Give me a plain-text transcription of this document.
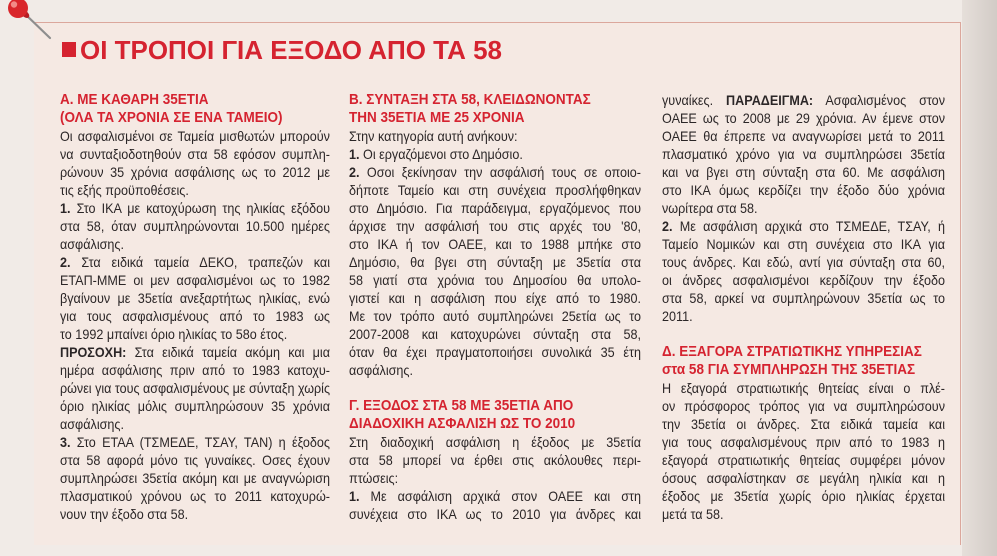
ΟΙ ΤΡΟΠΟΙ ΓΙΑ ΕΞΟΔΟ ΑΠΟ ΤΑ 58
Α. ΜΕ ΚΑΘΑΡΗ 35ΕΤΙΑ
(ΟΛΑ ΤΑ ΧΡΟΝΙΑ ΣΕ ΕΝΑ ΤΑΜΕΙΟ)
Οι ασφαλισμένοι σε Ταμεία μισθωτών μπορούν
να συνταξιοδοτηθούν στα 58 εφόσον συμπλη-
ρώνουν 35 χρόνια ασφάλισης ως το 2012 με
τις εξής προϋποθέσεις.
1. Στο ΙΚΑ με κατοχύρωση της ηλικίας εξόδου
στα 58, όταν συμπληρώνονται 10.500 ημέρες
ασφάλισης.
2. Στα ειδικά ταμεία ΔΕΚΟ, τραπεζών και
ΕΤΑΠ-ΜΜΕ οι μεν ασφαλισμένοι ως το 1982
βγαίνουν με 35ετία ανεξαρτήτως ηλικίας, ενώ
για τους ασφαλισμένους από το 1983 ως
το 1992 μπαίνει όριο ηλικίας το 58ο έτος.
ΠΡΟΣΟΧΗ: Στα ειδικά ταμεία ακόμη και μια
ημέρα ασφάλισης πριν από το 1983 κατοχυ-
ρώνει για τους ασφαλισμένους με σύνταξη χωρίς
όριο ηλικίας μόλις συμπληρώσουν 35 χρόνια
ασφάλισης.
3. Στο ΕΤΑΑ (ΤΣΜΕΔΕ, ΤΣΑΥ, ΤΑΝ) η έξοδος
στα 58 αφορά μόνο τις γυναίκες. Οσες έχουν
συμπληρώσει 35ετία ακόμη και με αναγνώριση
πλασματικού χρόνου ως το 2011 κατοχυρώ-
νουν την έξοδο στα 58.
Β. ΣΥΝΤΑΞΗ ΣΤΑ 58, ΚΛΕΙΔΩΝΟΝΤΑΣ
ΤΗΝ 35ΕΤΙΑ ΜΕ 25 ΧΡΟΝΙΑ
Στην κατηγορία αυτή ανήκουν:
1. Οι εργαζόμενοι στο Δημόσιο.
2. Οσοι ξεκίνησαν την ασφάλισή τους σε οποιο-
δήποτε Ταμείο και στη συνέχεια προσλήφθηκαν
στο Δημόσιο. Για παράδειγμα, εργαζόμενος που
άρχισε την ασφάλισή του στις αρχές του '80,
στο ΙΚΑ ή τον ΟΑΕΕ, και το 1988 μπήκε στο
Δημόσιο, θα βγει στη σύνταξη με 35ετία στα
58 γιατί στα χρόνια του Δημοσίου θα υπολο-
γιστεί και η ασφάλιση που είχε από το 1980.
Με τον τρόπο αυτό συμπληρώνει 25ετία ως το
2007-2008 και κατοχυρώνει σύνταξη στα 58,
όταν θα έχει πραγματοποιήσει συνολικά 35 έτη
ασφάλισης.
Γ. ΕΞΟΔΟΣ ΣΤΑ 58 ΜΕ 35ΕΤΙΑ ΑΠΟ
ΔΙΑΔΟΧΙΚΗ ΑΣΦΑΛΙΣΗ ΩΣ ΤΟ 2010
Στη διαδοχική ασφάλιση η έξοδος με 35ετία
στα 58 μπορεί να έρθει στις ακόλουθες περι-
πτώσεις:
1. Με ασφάλιση αρχικά στον ΟΑΕΕ και στη
συνέχεια στο ΙΚΑ ως το 2010 για άνδρες και
γυναίκες. ΠΑΡΑΔΕΙΓΜΑ: Ασφαλισμένος στον
ΟΑΕΕ ως το 2008 με 29 χρόνια. Αν έμενε στον
ΟΑΕΕ θα έπρεπε να αναγνωρίσει μετά το 2011
πλασματικό χρόνο για να συμπληρώσει 35ετία
και να βγει στη σύνταξη στα 60. Με ασφάλιση
στο ΙΚΑ όμως κερδίζει την έξοδο δύο χρόνια
νωρίτερα στα 58.
2. Με ασφάλιση αρχικά στο ΤΣΜΕΔΕ, ΤΣΑΥ, ή
Ταμείο Νομικών και στη συνέχεια στο ΙΚΑ για
τους άνδρες. Και εδώ, αντί για σύνταξη στα 60,
οι άνδρες ασφαλισμένοι κερδίζουν την έξοδο
στα 58, αρκεί να συμπληρώνουν 35ετία ως το
2011.
Δ. ΕΞΑΓΟΡΑ ΣΤΡΑΤΙΩΤΙΚΗΣ ΥΠΗΡΕΣΙΑΣ
στα 58 ΓΙΑ ΣΥΜΠΛΗΡΩΣΗ ΤΗΣ 35ΕΤΙΑΣ
Η εξαγορά στρατιωτικής θητείας είναι ο πλέ-
ον πρόσφορος τρόπος για να συμπληρώσουν
την 35ετία οι άνδρες. Στα ειδικά ταμεία και
για τους ασφαλισμένους πριν από το 1983 η
εξαγορά στρατιωτικής θητείας συμφέρει μόνον
όσους ασφαλίστηκαν σε μεγάλη ηλικία και η
έξοδος με 35ετία χωρίς όριο ηλικίας έρχεται
μετά τα 58.
